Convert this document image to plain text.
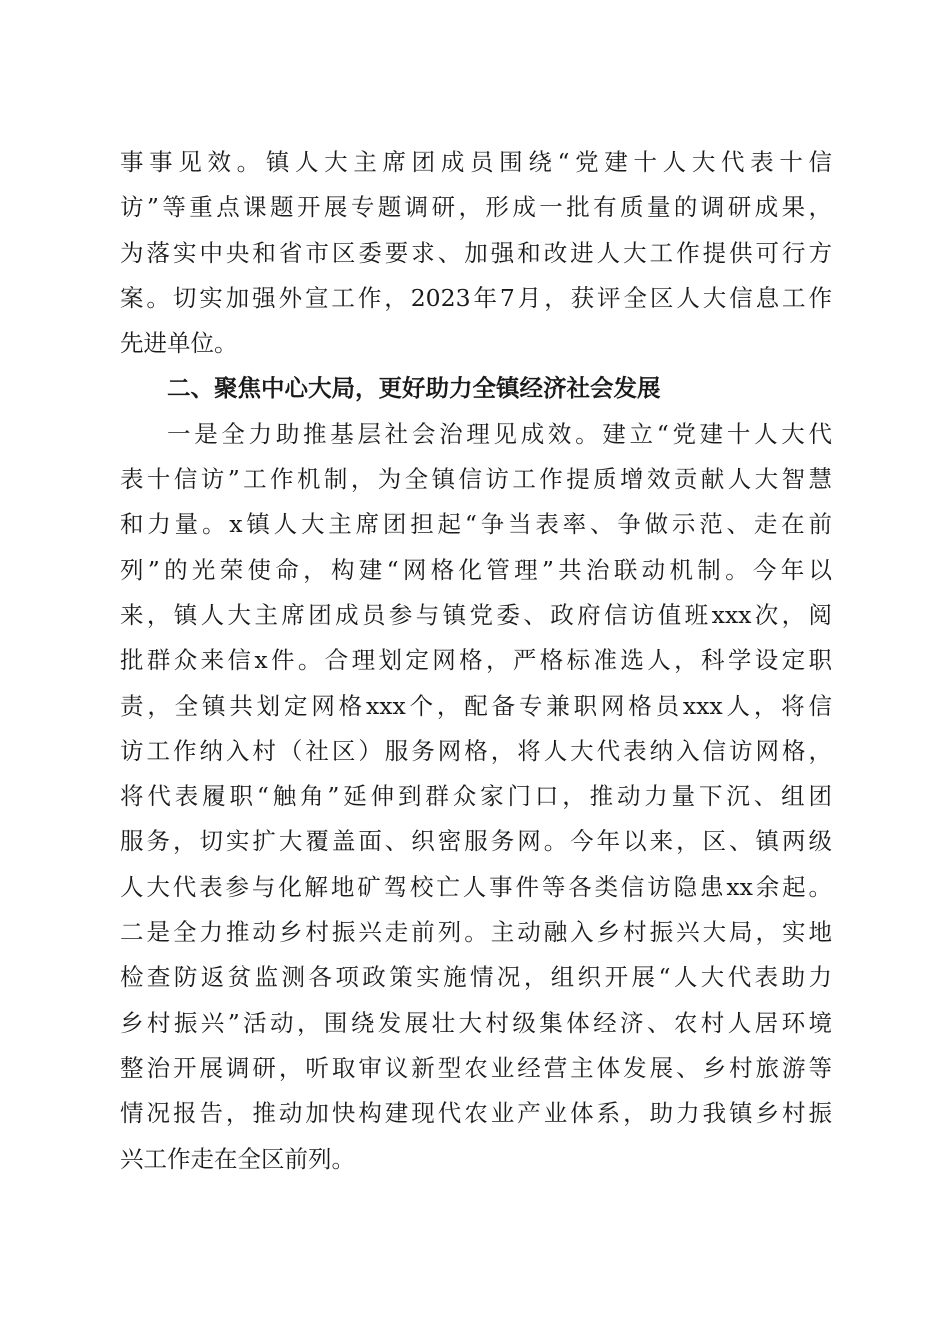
事事见效。镇人大主席团成员围绕“党建十人大代表十信
访”等重点课题开展专题调研，形成一批有质量的调研成果，
为落实中央和省市区委要求、加强和改进人大工作提供可行方
案。切实加强外宣工作，2023年7月，获评全区人大信息工作
先进单位。
二、聚焦中心大局，更好助力全镇经济社会发展
一是全力助推基层社会治理见成效。建立“党建十人大代
表十信访”工作机制，为全镇信访工作提质增效贡献人大智慧
和力量。x镇人大主席团担起“争当表率、争做示范、走在前
列”的光荣使命，构建“网格化管理”共治联动机制。今年以
来，镇人大主席团成员参与镇党委、政府信访值班xxx次，阅
批群众来信x件。合理划定网格，严格标准选人，科学设定职
责，全镇共划定网格xxx个，配备专兼职网格员xxx人，将信
访工作纳入村（社区）服务网格，将人大代表纳入信访网格，
将代表履职“触角”延伸到群众家门口，推动力量下沉、组团
服务，切实扩大覆盖面、织密服务网。今年以来，区、镇两级
人大代表参与化解地矿驾校亡人事件等各类信访隐患xx余起。
二是全力推动乡村振兴走前列。主动融入乡村振兴大局，实地
检查防返贫监测各项政策实施情况，组织开展“人大代表助力
乡村振兴”活动，围绕发展壮大村级集体经济、农村人居环境
整治开展调研，听取审议新型农业经营主体发展、乡村旅游等
情况报告，推动加快构建现代农业产业体系，助力我镇乡村振
兴工作走在全区前列。
